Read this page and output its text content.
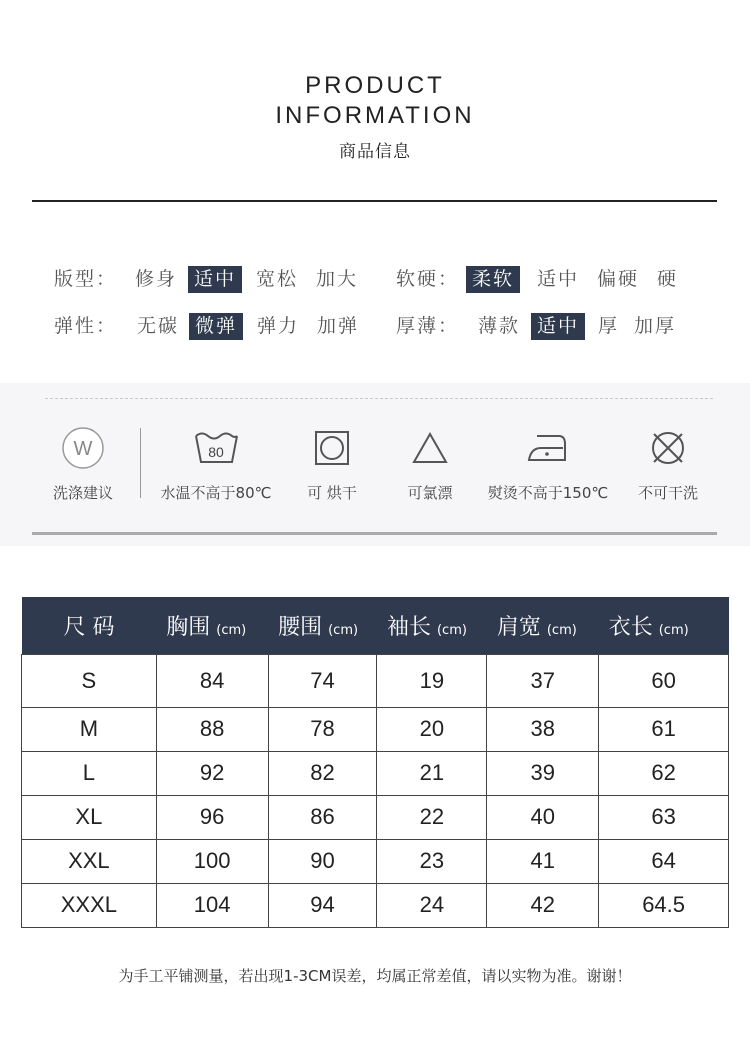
PRODUCT
INFORMATION
商品信息
版型： 修身 适中	宽松 加大 软硬： 柔软	适中 偏硬 硬
弹性： 无碳 微弹	弹力 加弹 厚薄： 薄款 适中 厚 加厚
W
洗涤建议
80
水温不高于80℃	可 烘干	可氯漂	熨烫不高于150℃	不可干洗
尺 码	胸围 (cm)	腰围 (cm)	袖长 (cm)	肩宽 (cm)	衣长 (cm)
S	84	74	19	37	60
M	88	78	20	38	61
L	92	82	21	39	62
XL	96	86	22	40	63
XXL	100	90	23	41	64
XXXL	104	94	24	42	64.5
为手工平铺测量，若出现1-3CM误差，均属正常差值，请以实物为准。谢谢！
